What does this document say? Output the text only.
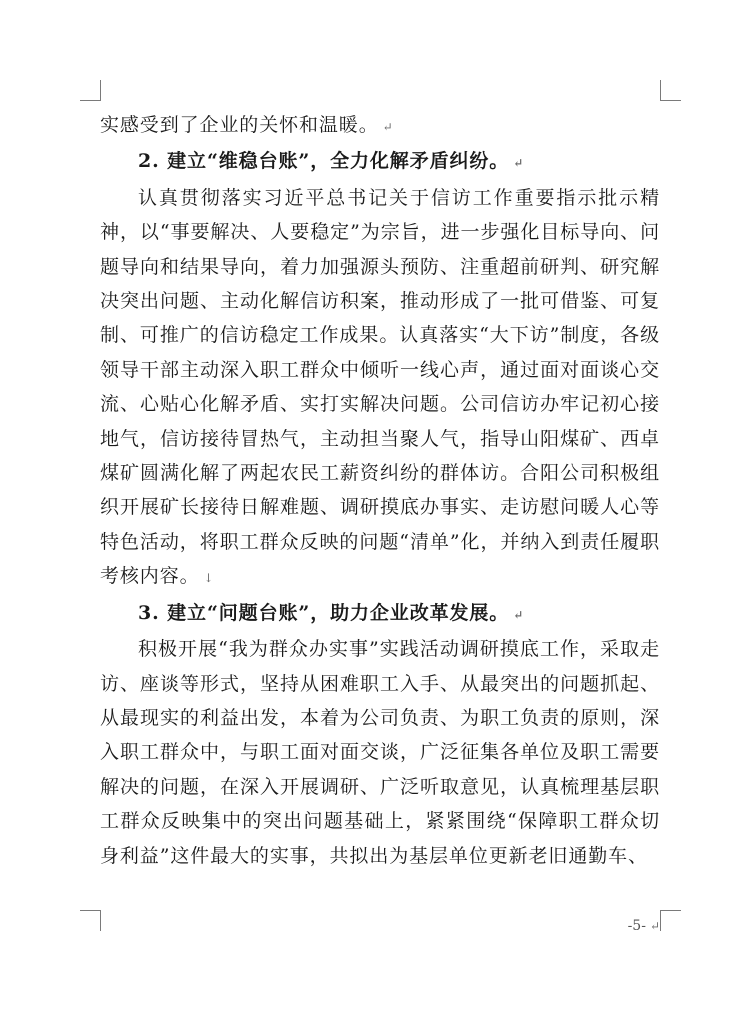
实感受到了企业的关怀和温暖。 ↵

2. 建立“维稳台账”，全力化解矛盾纠纷。 ↵

认真贯彻落实习近平总书记关于信访工作重要指示批示精神，以“事要解决、人要稳定”为宗旨，进一步强化目标导向、问题导向和结果导向，着力加强源头预防、注重超前研判、研究解决突出问题、主动化解信访积案，推动形成了一批可借鉴、可复制、可推广的信访稳定工作成果。认真落实“大下访”制度，各级领导干部主动深入职工群众中倾听一线心声，通过面对面谈心交流、心贴心化解矛盾、实打实解决问题。公司信访办牢记初心接地气，信访接待冒热气，主动担当聚人气，指导山阳煤矿、西卓煤矿圆满化解了两起农民工薪资纠纷的群体访。合阳公司积极组织开展矿长接待日解难题、调研摸底办事实、走访慰问暖人心等特色活动，将职工群众反映的问题“清单”化，并纳入到责任履职考核内容。 ↓

3. 建立“问题台账”，助力企业改革发展。 ↵

积极开展“我为群众办实事”实践活动调研摸底工作，采取走访、座谈等形式，坚持从困难职工入手、从最突出的问题抓起、从最现实的利益出发，本着为公司负责、为职工负责的原则，深入职工群众中，与职工面对面交谈，广泛征集各单位及职工需要解决的问题，在深入开展调研、广泛听取意见，认真梳理基层职工群众反映集中的突出问题基础上，紧紧围绕“保障职工群众切身利益”这件最大的实事，共拟出为基层单位更新老旧通勤车、

-5- ↵
